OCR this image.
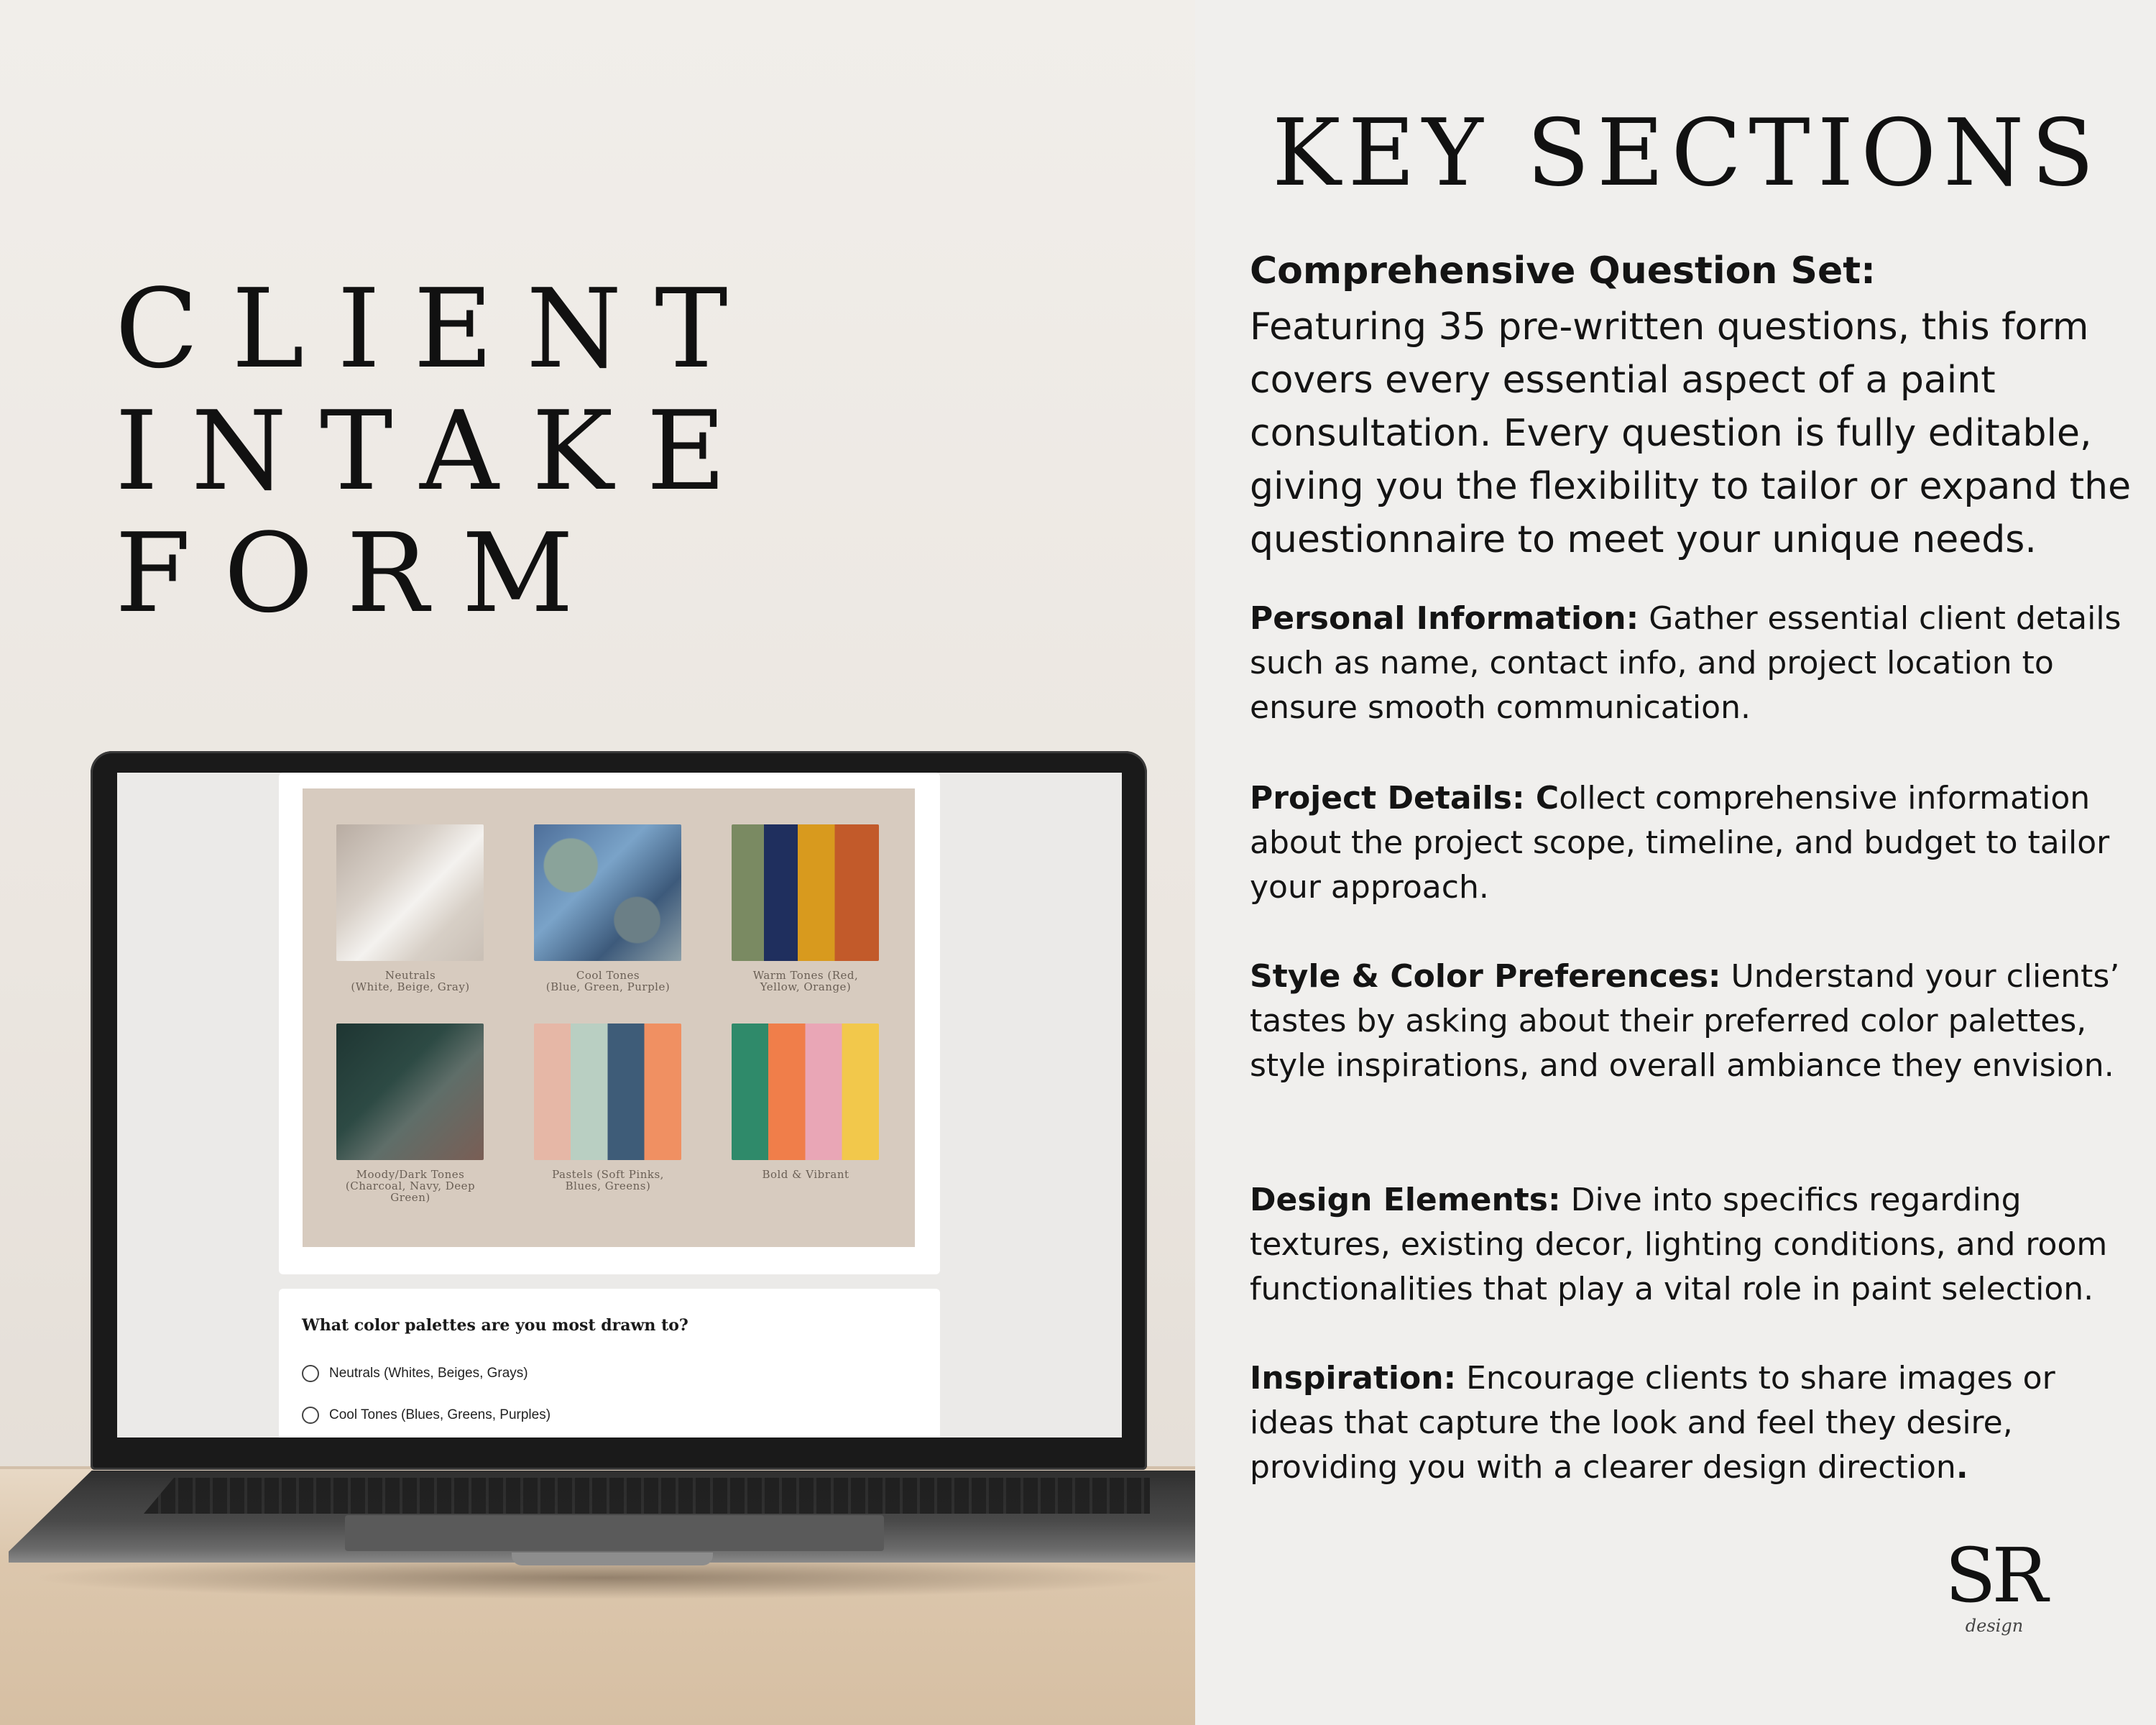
CLIENT
INTAKE
FORM
Neutrals
(White, Beige, Gray)
Cool Tones
(Blue, Green, Purple)
Warm Tones (Red,
Yellow, Orange)
Moody/Dark Tones
(Charcoal, Navy, Deep
Green)
Pastels (Soft Pinks,
Blues, Greens)
Bold & Vibrant
What color palettes are you most drawn to?
Neutrals (Whites, Beiges, Grays)
Cool Tones (Blues, Greens, Purples)
KEY SECTIONS
Comprehensive Question Set:
Featuring 35 pre-written questions, this form covers every essential aspect of a paint consultation. Every question is fully editable, giving you the flexibility to tailor or expand the questionnaire to meet your unique needs.
Personal Information: Gather essential client details such as name, contact info, and project location to ensure smooth communication.
Project Details: Collect comprehensive information about the project scope, timeline, and budget to tailor your approach.
Style & Color Preferences: Understand your clients’ tastes by asking about their preferred color palettes, style inspirations, and overall ambiance they envision.
Design Elements: Dive into specifics regarding textures, existing decor, lighting conditions, and room functionalities that play a vital role in paint selection.
Inspiration: Encourage clients to share images or ideas that capture the look and feel they desire, providing you with a clearer design direction.
SR
design
